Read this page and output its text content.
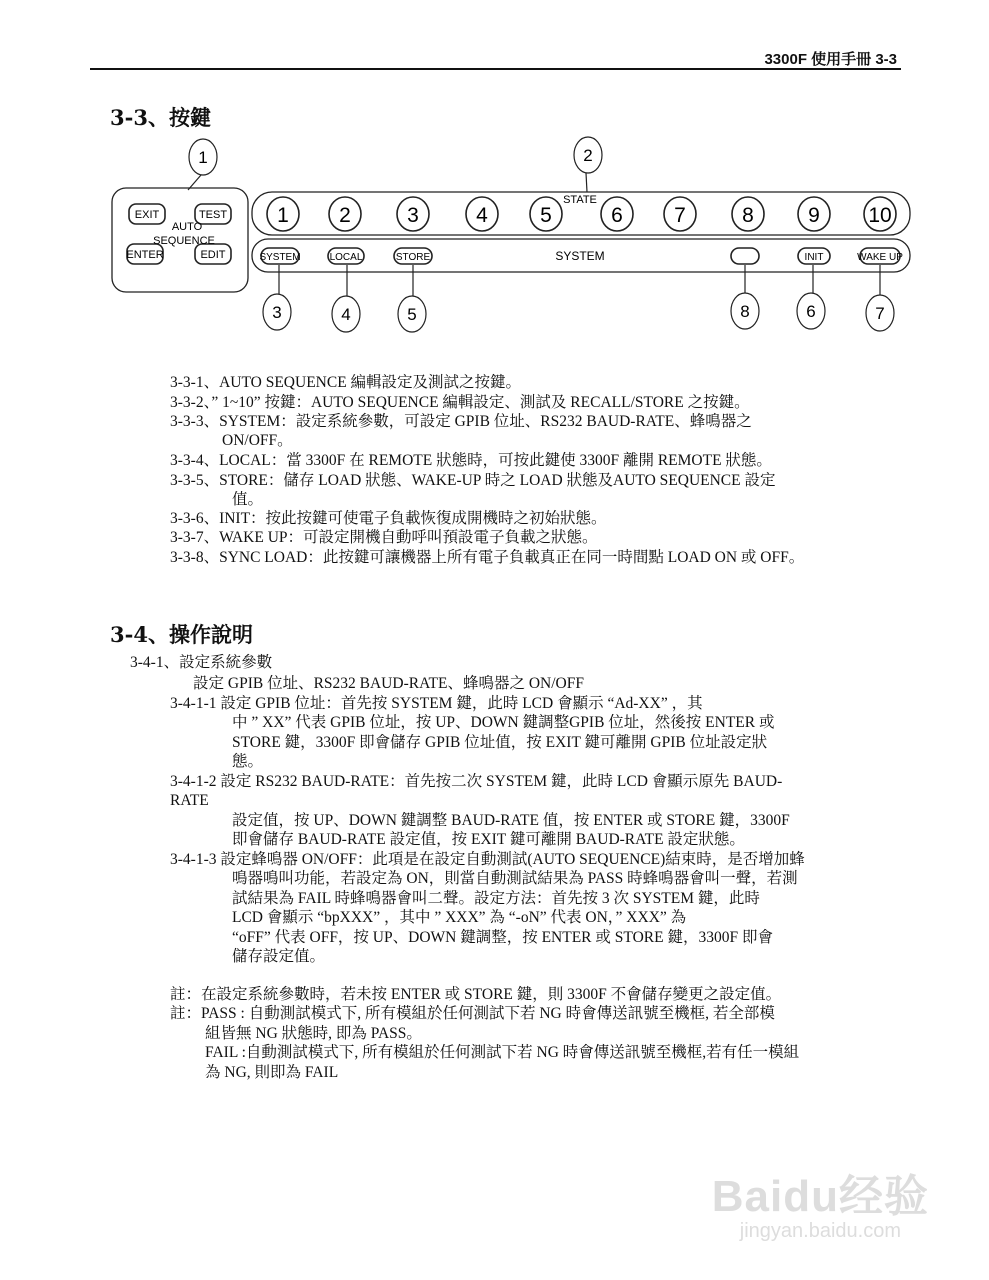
3300F 使用手冊 3-3
3-3、按鍵
EXIT	TEST
ENTER	EDIT
AUTO
SEQUENCE
STATE
SYSTEM
1 2	3	4 5	6 7	8	9 10
SYSTEM	LOCAL	STORE	INIT	WAKE UP
1	2
3	4	5	8	6	7
3-3-1、AUTO SEQUENCE 編輯設定及測試之按鍵。
3-3-2、” 1~10” 按鍵：AUTO SEQUENCE 編輯設定、測試及 RECALL/STORE 之按鍵。
3-3-3、SYSTEM：設定系統參數，可設定 GPIB 位址、RS232 BAUD-RATE、蜂鳴器之
ON/OFF。
3-3-4、LOCAL：當 3300F 在 REMOTE 狀態時，可按此鍵使 3300F 離開 REMOTE 狀態。
3-3-5、STORE：儲存 LOAD 狀態、WAKE-UP 時之 LOAD 狀態及AUTO SEQUENCE 設定
值。
3-3-6、INIT：按此按鍵可使電子負載恢復成開機時之初始狀態。
3-3-7、WAKE UP：可設定開機自動呼叫預設電子負載之狀態。
3-3-8、SYNC LOAD：此按鍵可讓機器上所有電子負載真正在同一時間點 LOAD ON 或 OFF。
3-4、操作說明
3-4-1、設定系統參數
設定 GPIB 位址、RS232 BAUD-RATE、蜂鳴器之 ON/OFF
3-4-1-1 設定 GPIB 位址：首先按 SYSTEM 鍵，此時 LCD 會顯示 “Ad-XX” ，其
中 ” XX” 代表 GPIB 位址，按 UP、DOWN 鍵調整GPIB 位址，然後按 ENTER 或
STORE 鍵，3300F 即會儲存 GPIB 位址值，按 EXIT 鍵可離開 GPIB 位址設定狀
態。
3-4-1-2 設定 RS232 BAUD-RATE：首先按二次 SYSTEM 鍵，此時 LCD 會顯示原先 BAUD-
RATE
設定值，按 UP、DOWN 鍵調整 BAUD-RATE 值，按 ENTER 或 STORE 鍵，3300F
即會儲存 BAUD-RATE 設定值，按 EXIT 鍵可離開 BAUD-RATE 設定狀態。
3-4-1-3 設定蜂鳴器 ON/OFF：此項是在設定自動測試(AUTO SEQUENCE)結束時，是否增加蜂
鳴器鳴叫功能，若設定為 ON，則當自動測試結果為 PASS 時蜂鳴器會叫一聲，若測
試結果為 FAIL 時蜂鳴器會叫二聲。設定方法：首先按 3 次 SYSTEM 鍵，此時
LCD 會顯示 “bpXXX” ，其中 ” XXX” 為 “-oN” 代表 ON，” XXX” 為
“oFF” 代表 OFF，按 UP、DOWN 鍵調整，按 ENTER 或 STORE 鍵，3300F 即會
儲存設定值。
註：在設定系統參數時，若未按 ENTER 或 STORE 鍵，則 3300F 不會儲存變更之設定值。
註：PASS : 自動測試模式下, 所有模組於任何測試下若 NG 時會傳送訊號至機框, 若全部模
組皆無 NG 狀態時, 即為 PASS。
FAIL :自動測試模式下, 所有模組於任何測試下若 NG 時會傳送訊號至機框,若有任一模組
為 NG, 則即為 FAIL
Baidu经验
jingyan.baidu.com
